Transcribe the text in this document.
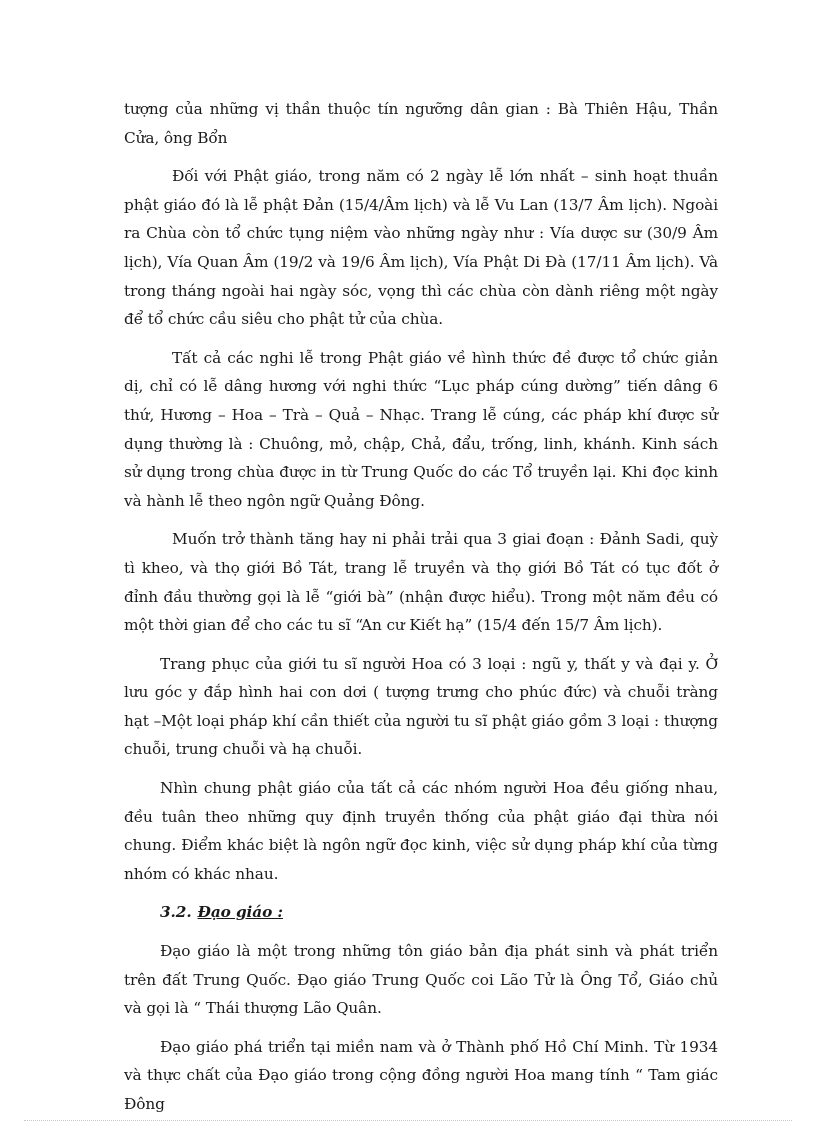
tượng của những vị thần thuộc tín ngưỡng dân gian : Bà Thiên Hậu, Thần Cửa, ông Bổn

Đối với Phật giáo, trong năm có 2 ngày lễ lớn nhất – sinh hoạt thuần phật giáo đó là lễ phật Đản (15/4/Âm lịch) và lễ Vu Lan (13/7 Âm lịch). Ngoài ra Chùa còn tổ chức tụng niệm vào những ngày như : Vía dược sư (30/9 Âm lịch), Vía Quan Âm (19/2 và 19/6 Âm lịch), Vía Phật Di Đà (17/11 Âm lịch). Và trong tháng ngoài hai ngày sóc, vọng thì các chùa còn dành riêng một ngày để tổ chức cầu siêu cho phật tử của chùa.

Tất cả các nghi lễ trong Phật giáo về hình thức đề được tổ chức giản dị, chỉ có lễ dâng hương với nghi thức “Lục pháp cúng dường” tiến dâng 6 thứ, Hương – Hoa – Trà – Quả – Nhạc. Trang lễ cúng, các pháp khí được sử dụng thường là : Chuông, mỏ, chập, Chả, đẩu, trống, linh, khánh. Kinh sách sử dụng trong chùa được in từ Trung Quốc do các Tổ truyền lại. Khi đọc kinh và hành lễ theo ngôn ngữ Quảng Đông.

Muốn trở thành tăng hay ni phải trải qua 3 giai đoạn : Đảnh Sadi, quỳ tì kheo, và thọ giới Bồ Tát, trang lễ truyền và thọ giới Bồ Tát có tục đốt ở đỉnh đầu thường gọi là lễ “giới bà” (nhận được hiểu). Trong một năm đều có một thời gian để cho các tu sĩ “An cư Kiết hạ” (15/4 đến 15/7 Âm lịch).

Trang phục của giới tu sĩ người Hoa có 3 loại : ngũ y, thất y và đại y. Ở lưu góc y đắp hình hai con dơi ( tượng trưng cho phúc đức) và chuỗi tràng hạt –Một loại pháp khí cần thiết của người tu sĩ phật giáo gồm 3 loại : thượng chuỗi, trung chuỗi và hạ chuỗi.

Nhìn chung phật giáo của tất cả các nhóm người Hoa đều giống nhau, đều tuân theo những quy định truyền thống của phật giáo đại thừa nói chung. Điểm khác biệt là ngôn ngữ đọc kinh, việc sử dụng pháp khí của từng nhóm có khác nhau.

3.2. Đạo giáo :

Đạo giáo là một trong những tôn giáo bản địa phát sinh và phát triển trên đất Trung Quốc. Đạo giáo Trung Quốc coi Lão Tử là Ông Tổ, Giáo chủ và gọi là “ Thái thượng Lão Quân.

Đạo giáo phá triển tại miền nam và ở Thành phố Hồ Chí Minh. Từ 1934 và thực chất của Đạo giáo trong cộng đồng người Hoa mang tính “ Tam giác Đông
